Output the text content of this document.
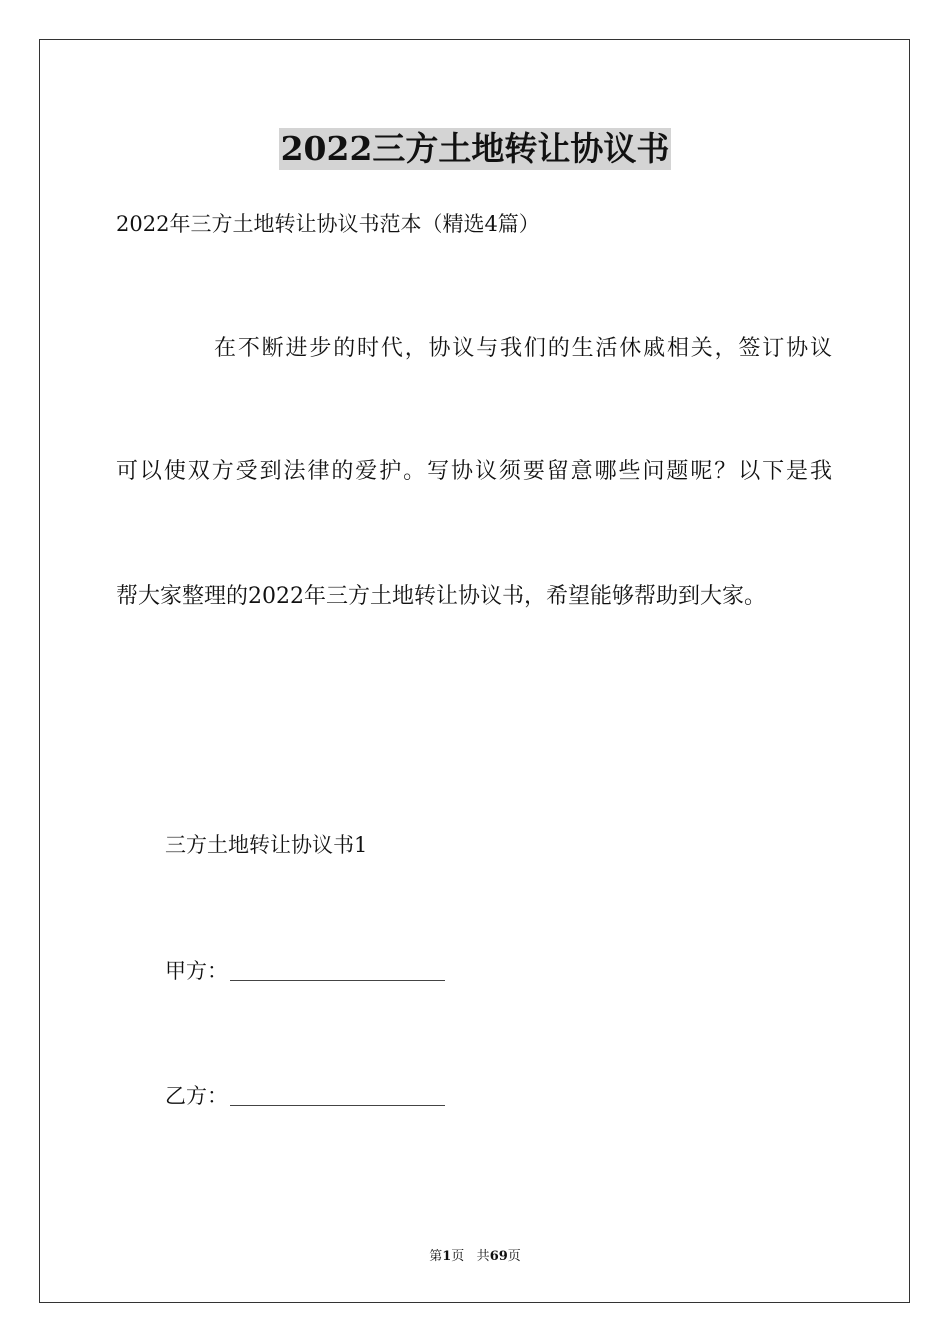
2022三方土地转让协议书
2022年三方土地转让协议书范本（精选4篇）
在不断进步的时代，协议与我们的生活休戚相关，签订协议
可以使双方受到法律的爱护。写协议须要留意哪些问题呢？以下是我
帮大家整理的2022年三方土地转让协议书，希望能够帮助到大家。
三方土地转让协议书1
甲方：
乙方：
第1页 共69页
